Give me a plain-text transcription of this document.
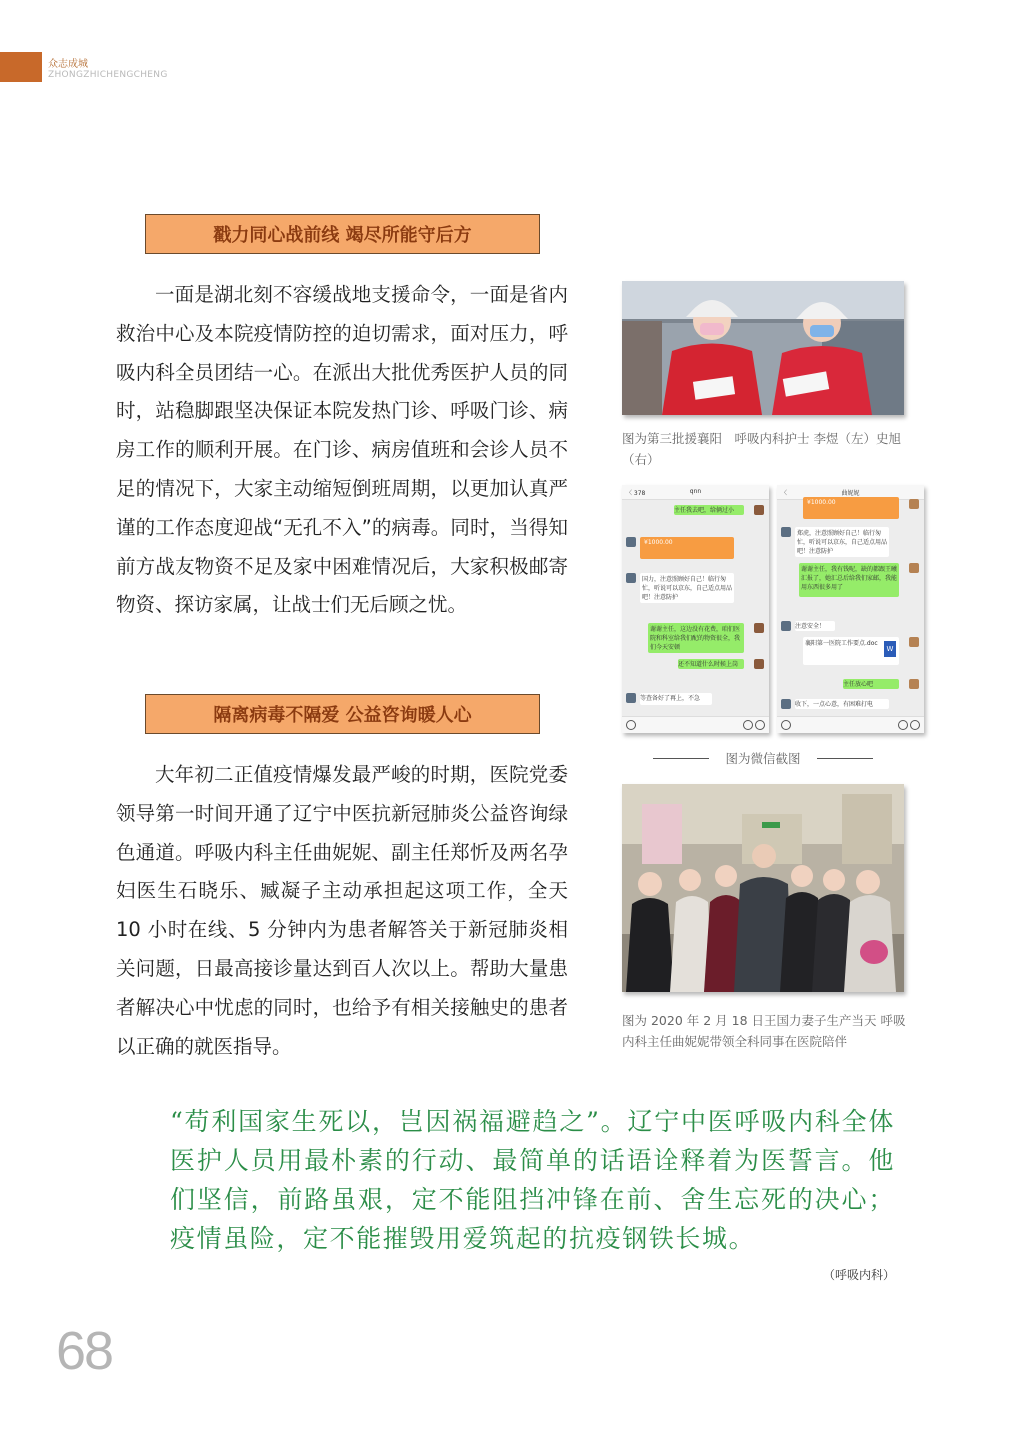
众志成城
ZHONGZHICHENGCHENG
戳力同心战前线 竭尽所能守后方

一面是湖北刻不容缓战地支援命令，一面是省内救治中心及本院疫情防控的迫切需求，面对压力，呼吸内科全员团结一心。在派出大批优秀医护人员的同时，站稳脚跟坚决保证本院发热门诊、呼吸门诊、病房工作的顺利开展。在门诊、病房值班和会诊人员不足的情况下，大家主动缩短倒班周期，以更加认真严谨的工作态度迎战“无孔不入”的病毒。同时，当得知前方战友物资不足及家中困难情况后，大家积极邮寄物资、探访家属，让战士们无后顾之忧。

隔离病毒不隔爱 公益咨询暖人心

大年初二正值疫情爆发最严峻的时期，医院党委领导第一时间开通了辽宁中医抗新冠肺炎公益咨询绿色通道。呼吸内科主任曲妮妮、副主任郑忻及两名孕妇医生石晓乐、臧凝子主动承担起这项工作，全天 10 小时在线、5 分钟内为患者解答关于新冠肺炎相关问题，日最高接诊量达到百人次以上。帮助大量患者解决心中忧虑的同时，也给予有相关接触史的患者以正确的就医指导。

图为第三批援襄阳　呼吸内科护士 李煜（左）史旭（右）

〈 378	qnn
主任我去吧，给俩过小
¥1000.00
国力，注意照顾好自己！临行匆忙，听说可以京东，自己适点用品吧！注意防护
谢谢主任，这边没有花费，咱们医院和科室给我们配的物资很全，我们今天安顿
还不知道什么时候上岗
等查备好了再上，不急
〈	曲妮妮
¥1000.00
郑虎，注意照顾好自己！临行匆忙，听说可以京东，自己适点用品吧！注意防护
谢谢主任，我有钱呢，缺的都跟王曦汇报了，她汇总后给我们家邮，我能用东西很多用了
注意安全！
襄阳第一医院工作要点.doc
W
主任放心吧
收下，一点心意，有困难打电
图为微信截图

图为 2020 年 2 月 18 日王国力妻子生产当天 呼吸内科主任曲妮妮带领全科同事在医院陪伴

“苟利国家生死以，岂因祸福避趋之”。辽宁中医呼吸内科全体医护人员用最朴素的行动、最简单的话语诠释着为医誓言。他们坚信，前路虽艰，定不能阻挡冲锋在前、舍生忘死的决心；疫情虽险，定不能摧毁用爱筑起的抗疫钢铁长城。

（呼吸内科）
68
